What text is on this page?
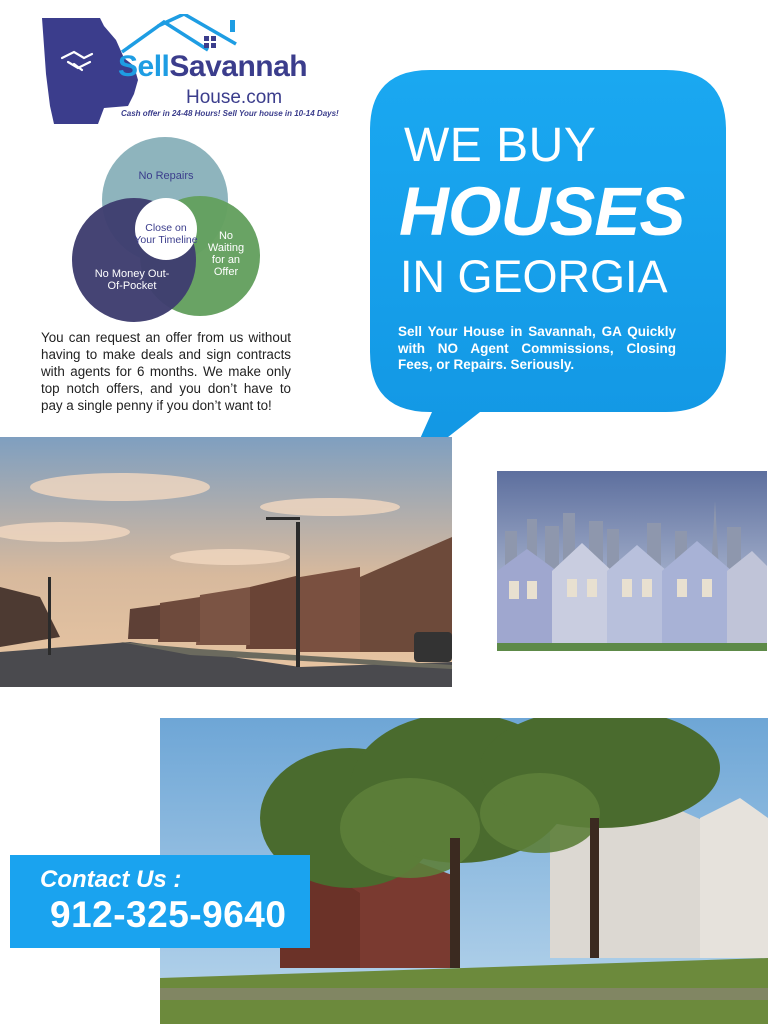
SellSavannah
House.com
Cash offer in 24-48 Hours! Sell Your house in 10-14 Days!
No Repairs
Close on Your Timeline	No Waiting for an Offer
No Money Out-Of-Pocket
You can request an offer from us without having to make deals and sign contracts with agents for 6 months. We make only top notch offers, and you don’t have to pay a single penny if you don’t want to!
WE BUY
HOUSES
IN GEORGIA
Sell Your House in Savannah, GA Quickly with NO Agent Commissions, Closing Fees, or Repairs. Seriously.
Contact Us :
912-325-9640
